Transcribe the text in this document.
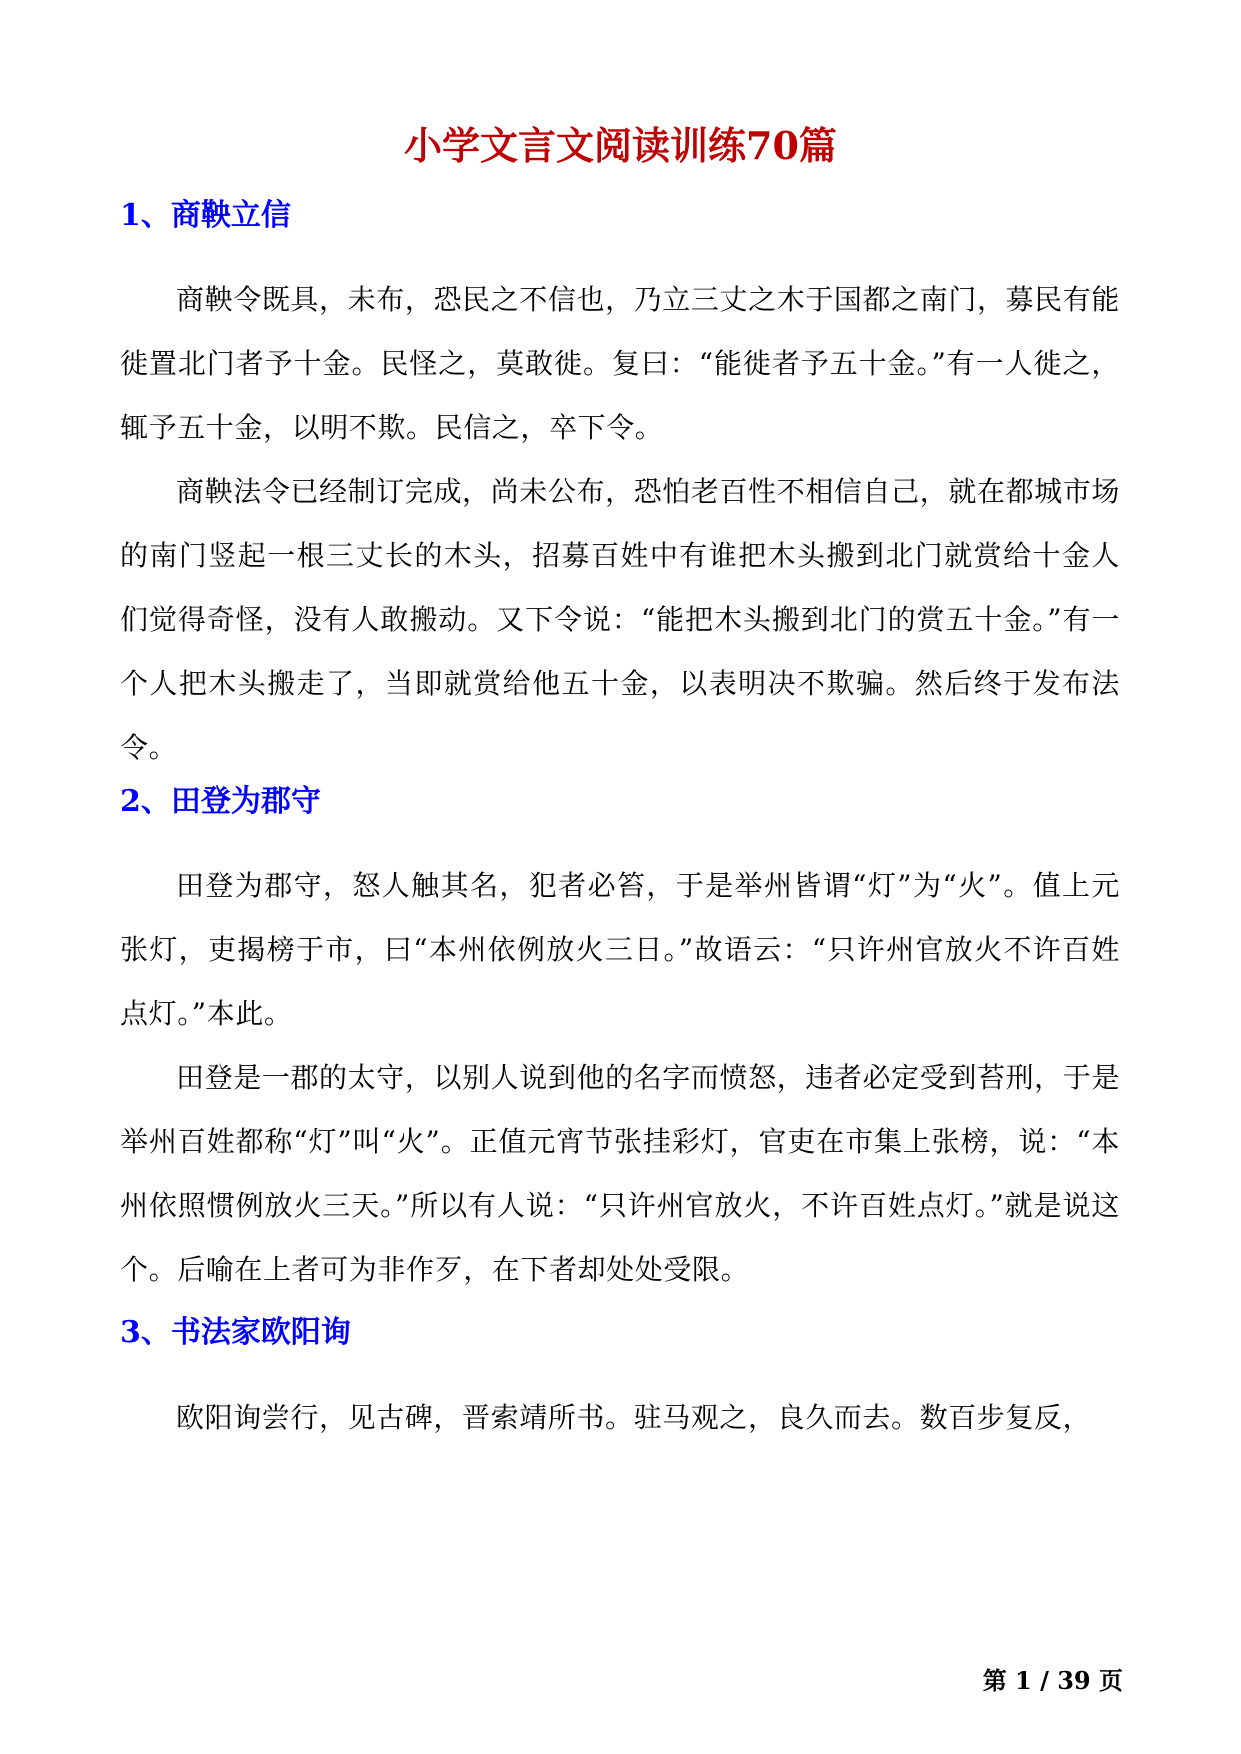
小学文言文阅读训练70篇
1、商鞅立信

商鞅令既具，未布，恐民之不信也，乃立三丈之木于国都之南门，募民有能徙置北门者予十金。民怪之，莫敢徙。复曰：“能徙者予五十金。”有一人徙之，辄予五十金，以明不欺。民信之，卒下令。

商鞅法令已经制订完成，尚未公布，恐怕老百性不相信自己，就在都城市场的南门竖起一根三丈长的木头，招募百姓中有谁把木头搬到北门就赏给十金人们觉得奇怪，没有人敢搬动。又下令说：“能把木头搬到北门的赏五十金。”有一个人把木头搬走了，当即就赏给他五十金，以表明决不欺骗。然后终于发布法令。

2、田登为郡守

田登为郡守，怒人触其名，犯者必笞，于是举州皆谓“灯”为“火”。值上元张灯，吏揭榜于市，曰“本州依例放火三日。”故语云：“只许州官放火不许百姓点灯。”本此。

田登是一郡的太守，以别人说到他的名字而愤怒，违者必定受到苔刑，于是举州百姓都称“灯”叫“火”。正值元宵节张挂彩灯，官吏在市集上张榜，说：“本州依照惯例放火三天。”所以有人说：“只许州官放火，不许百姓点灯。”就是说这个。后喻在上者可为非作歹，在下者却处处受限。

3、书法家欧阳询

欧阳询尝行，见古碑，晋索靖所书。驻马观之，良久而去。数百步复反，

第 1 / 39 页
